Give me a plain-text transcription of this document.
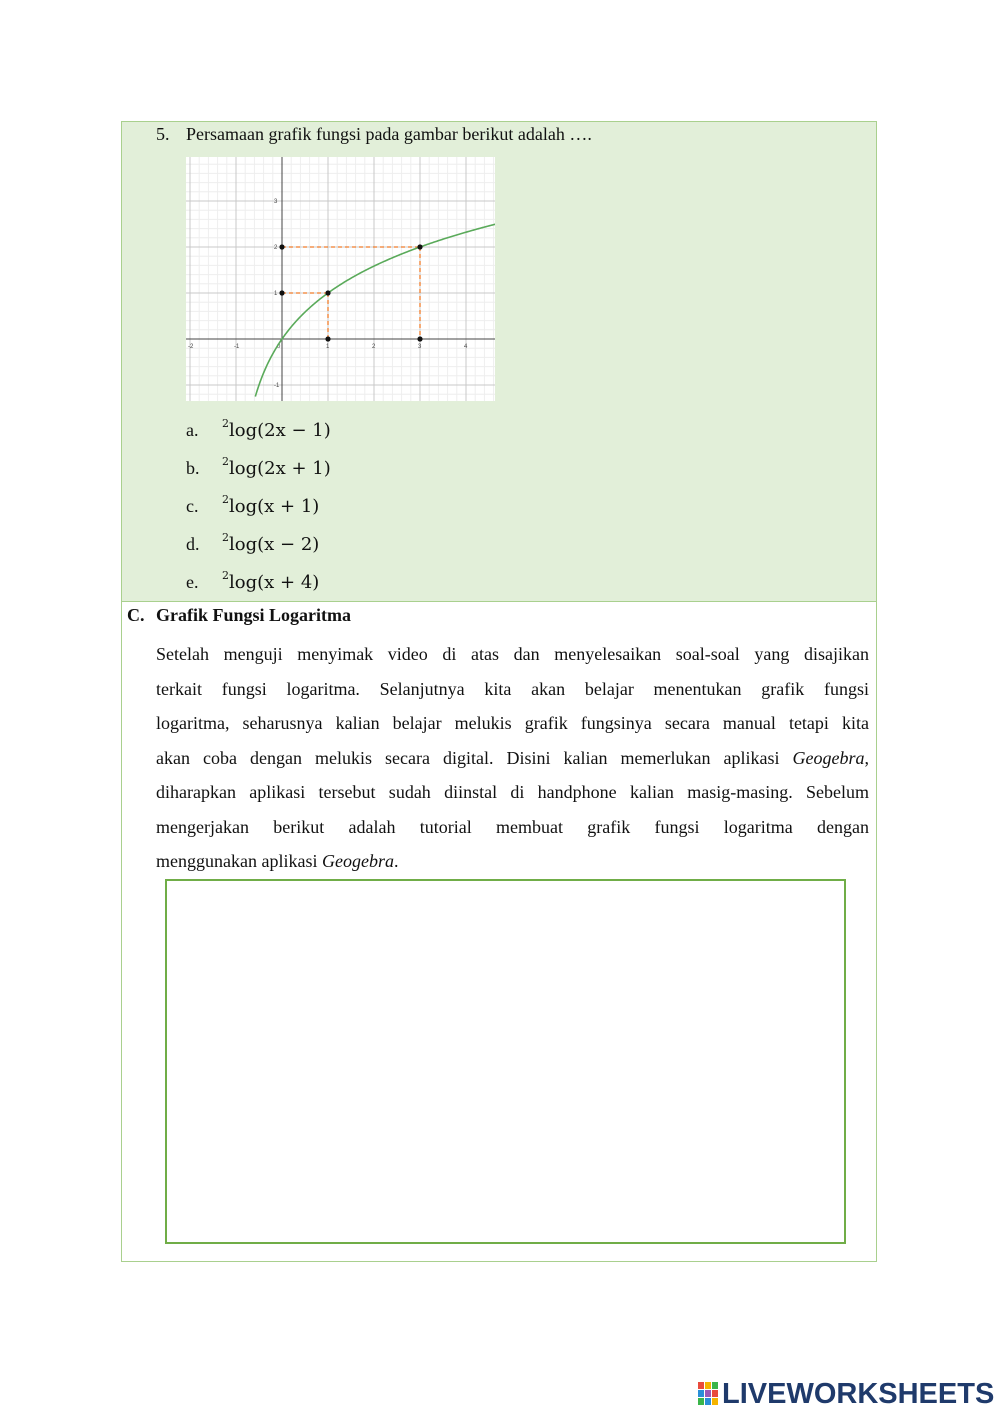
5. Persamaan grafik fungsi pada gambar berikut adalah ….
-2	-1	0	1	2	3	4
3
2
1
-1
a. $^2$log(2x − 1)
b. $^2$log(2x + 1)
c. $^2$log(x + 1)
d. $^2$log(x − 2)
e. $^2$log(x + 4)
C. Grafik Fungsi Logaritma
Setelah menguji menyimak video di atas dan menyelesaikan soal-soal yang disajikan
terkait fungsi logaritma. Selanjutnya kita akan belajar menentukan grafik fungsi
logaritma, seharusnya kalian belajar melukis grafik fungsinya secara manual tetapi kita
akan coba dengan melukis secara digital. Disini kalian memerlukan aplikasi Geogebra,
diharapkan aplikasi tersebut sudah diinstal di handphone kalian masig-masing. Sebelum
mengerjakan berikut adalah tutorial membuat grafik fungsi logaritma dengan
menggunakan aplikasi Geogebra.
LIVEWORKSHEETS
